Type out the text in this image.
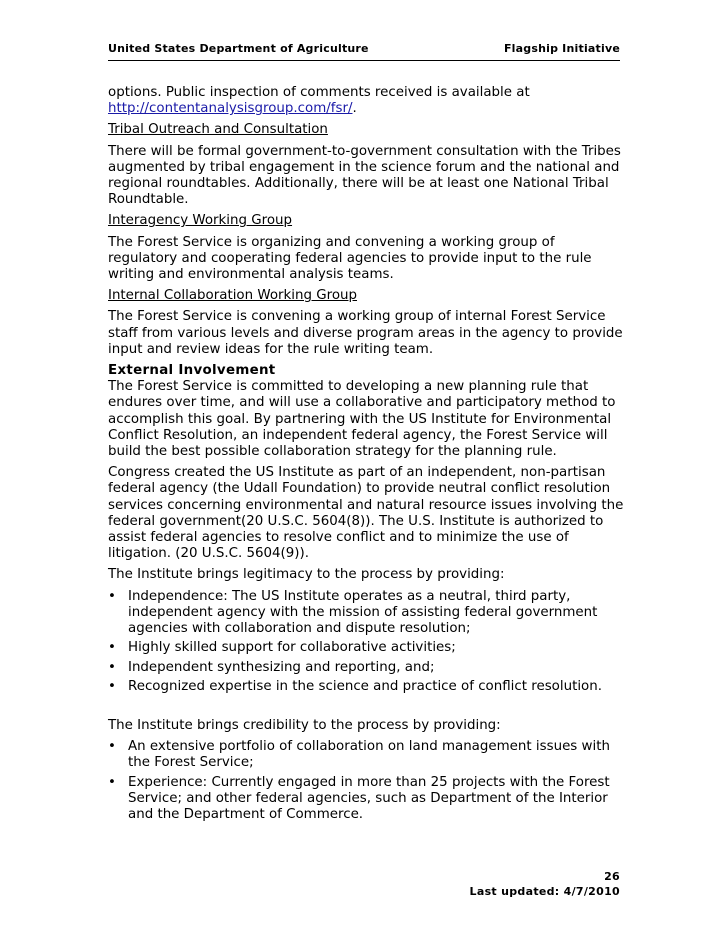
United States Department of Agriculture	Flagship Initiative

options. Public inspection of comments received is available at
http://contentanalysisgroup.com/fsr/.

Tribal Outreach and Consultation

There will be formal government-to-government consultation with the Tribes augmented by tribal engagement in the science forum and the national and regional roundtables. Additionally, there will be at least one National Tribal Roundtable.

Interagency Working Group

The Forest Service is organizing and convening a working group of regulatory and cooperating federal agencies to provide input to the rule writing and environmental analysis teams.

Internal Collaboration Working Group

The Forest Service is convening a working group of internal Forest Service staff from various levels and diverse program areas in the agency to provide input and review ideas for the rule writing team.

External Involvement

The Forest Service is committed to developing a new planning rule that endures over time, and will use a collaborative and participatory method to accomplish this goal. By partnering with the US Institute for Environmental Conflict Resolution, an independent federal agency, the Forest Service will build the best possible collaboration strategy for the planning rule.

Congress created the US Institute as part of an independent, non-partisan federal agency (the Udall Foundation) to provide neutral conflict resolution services concerning environmental and natural resource issues involving the federal government(20 U.S.C. 5604(8)). The U.S. Institute is authorized to assist federal agencies to resolve conflict and to minimize the use of litigation. (20 U.S.C. 5604(9)).

The Institute brings legitimacy to the process by providing:

• Independence: The US Institute operates as a neutral, third party, independent agency with the mission of assisting federal government agencies with collaboration and dispute resolution;
• Highly skilled support for collaborative activities;
• Independent synthesizing and reporting, and;
• Recognized expertise in the science and practice of conflict resolution.

The Institute brings credibility to the process by providing:

• An extensive portfolio of collaboration on land management issues with the Forest Service;
• Experience: Currently engaged in more than 25 projects with the Forest Service; and other federal agencies, such as Department of the Interior and the Department of Commerce.
26
Last updated: 4/7/2010
